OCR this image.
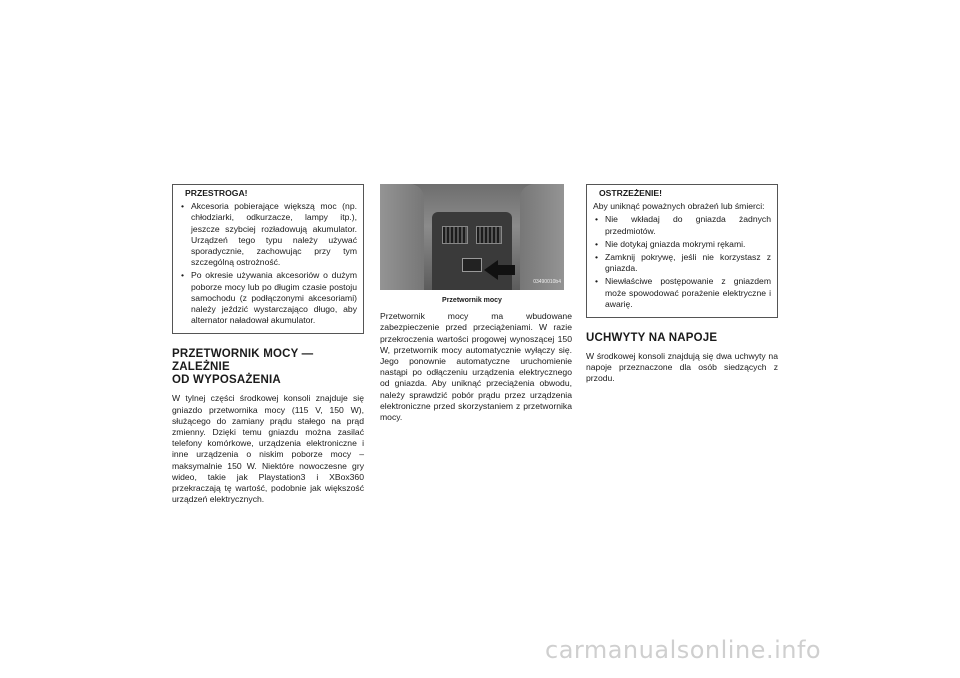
PRZESTROGA!
• Akcesoria pobierające większą moc (np. chłodziarki, odkurzacze, lampy itp.), jeszcze szybciej rozładowują akumulator. Urządzeń tego typu należy używać sporadycznie, zachowując przy tym szczególną ostrożność.
• Po okresie używania akcesoriów o dużym poborze mocy lub po długim czasie postoju samochodu (z podłączonymi akcesoriami) należy jeździć wystarczająco długo, aby alternator naładował akumulator.
PRZETWORNIK MOCY — ZALEŻNIE
OD WYPOSAŻENIA

W tylnej części środkowej konsoli znajduje się gniazdo przetwornika mocy (115 V, 150 W), służącego do zamiany prądu stałego na prąd zmienny. Dzięki temu gniazdu można zasilać telefony komórkowe, urządzenia elektroniczne i inne urządzenia o niskim poborze mocy – maksymalnie 150 W. Niektóre nowoczesne gry wideo, takie jak Playstation3 i XBox360 przekraczają tę wartość, podobnie jak większość urządzeń elektrycznych.

03490010b4
Przetwornik mocy

Przetwornik mocy ma wbudowane zabezpieczenie przed przeciążeniami. W razie przekroczenia wartości progowej wynoszącej 150 W, przetwornik mocy automatycznie wyłączy się. Jego ponownie automatyczne uruchomienie nastąpi po odłączeniu urządzenia elektrycznego od gniazda. Aby uniknąć przeciążenia obwodu, należy sprawdzić pobór prądu przez urządzenia elektroniczne przed skorzystaniem z przetwornika mocy.

OSTRZEŻENIE!
Aby uniknąć poważnych obrażeń lub śmierci:
• Nie wkładaj do gniazda żadnych przedmiotów.
• Nie dotykaj gniazda mokrymi rękami.
• Zamknij pokrywę, jeśli nie korzystasz z gniazda.
• Niewłaściwe postępowanie z gniazdem może spowodować porażenie elektryczne i awarię.
UCHWYTY NA NAPOJE

W środkowej konsoli znajdują się dwa uchwyty na napoje przeznaczone dla osób siedzących z przodu.

carmanualsonline.info
